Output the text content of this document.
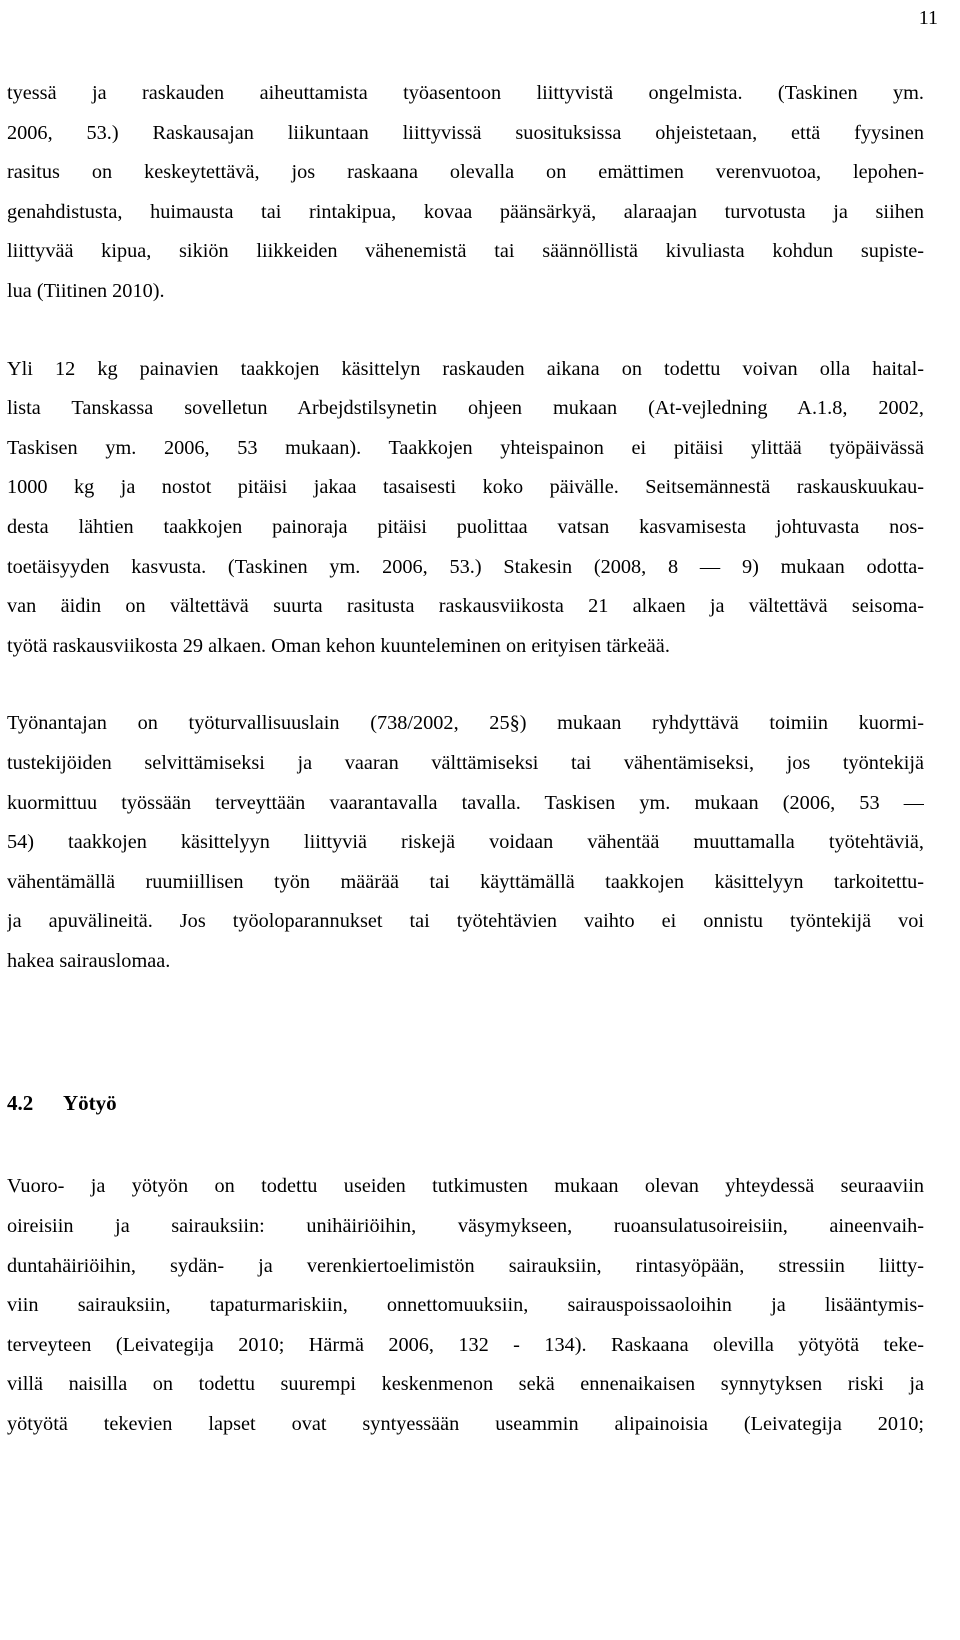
11

tyessä ja raskauden aiheuttamista työasentoon liittyvistä ongelmista. (Taskinen ym.
2006, 53.) Raskausajan liikuntaan liittyvissä suosituksissa ohjeistetaan, että fyysinen
rasitus on keskeytettävä, jos raskaana olevalla on emättimen verenvuotoa, lepohen-
genahdistusta, huimausta tai rintakipua, kovaa päänsärkyä, alaraajan turvotusta ja siihen
liittyvää kipua, sikiön liikkeiden vähenemistä tai säännöllistä kivuliasta kohdun supiste-
lua (Tiitinen 2010).

Yli 12 kg painavien taakkojen käsittelyn raskauden aikana on todettu voivan olla haital-
lista Tanskassa sovelletun Arbejdstilsynetin ohjeen mukaan (At-vejledning A.1.8, 2002,
Taskisen ym. 2006, 53 mukaan). Taakkojen yhteispainon ei pitäisi ylittää työpäivässä
1000 kg ja nostot pitäisi jakaa tasaisesti koko päivälle. Seitsemännestä raskauskuukau-
desta lähtien taakkojen painoraja pitäisi puolittaa vatsan kasvamisesta johtuvasta nos-
toetäisyyden kasvusta. (Taskinen ym. 2006, 53.) Stakesin (2008, 8 — 9) mukaan odotta-
van äidin on vältettävä suurta rasitusta raskausviikosta 21 alkaen ja vältettävä seisoma-
työtä raskausviikosta 29 alkaen. Oman kehon kuunteleminen on erityisen tärkeää.

Työnantajan on työturvallisuuslain (738/2002, 25§) mukaan ryhdyttävä toimiin kuormi-
tustekijöiden selvittämiseksi ja vaaran välttämiseksi tai vähentämiseksi, jos työntekijä
kuormittuu työssään terveyttään vaarantavalla tavalla. Taskisen ym. mukaan (2006, 53 —
54) taakkojen käsittelyyn liittyviä riskejä voidaan vähentää muuttamalla työtehtäviä,
vähentämällä ruumiillisen työn määrää tai käyttämällä taakkojen käsittelyyn tarkoitettu-
ja apuvälineitä. Jos työoloparannukset tai työtehtävien vaihto ei onnistu työntekijä voi
hakea sairauslomaa.

4.2 Yötyö

Vuoro- ja yötyön on todettu useiden tutkimusten mukaan olevan yhteydessä seuraaviin
oireisiin ja sairauksiin: unihäiriöihin, väsymykseen, ruoansulatusoireisiin, aineenvaih-
duntahäiriöihin, sydän- ja verenkiertoelimistön sairauksiin, rintasyöpään, stressiin liitty-
viin sairauksiin, tapaturmariskiin, onnettomuuksiin, sairauspoissaoloihin ja lisääntymis-
terveyteen (Leivategija 2010; Härmä 2006, 132 - 134). Raskaana olevilla yötyötä teke-
villä naisilla on todettu suurempi keskenmenon sekä ennenaikaisen synnytyksen riski ja
yötyötä tekevien lapset ovat syntyessään useammin alipainoisia (Leivategija 2010;
